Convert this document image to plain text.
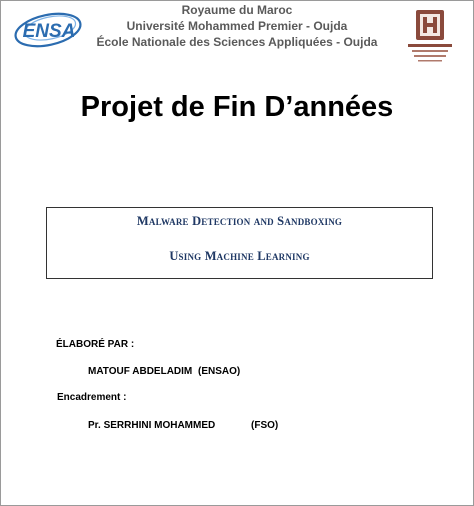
ENSA
Royaume du Maroc
Université Mohammed Premier - Oujda
École Nationale des Sciences Appliquées - Oujda
Projet de Fin D’années
Malware Detection and Sandboxing
Using Machine Learning
ÉLABORÉ PAR :
MATOUF ABDELADIM (ENSAO)
Encadrement :
Pr. SERRHINI MOHAMMED	(FSO)
